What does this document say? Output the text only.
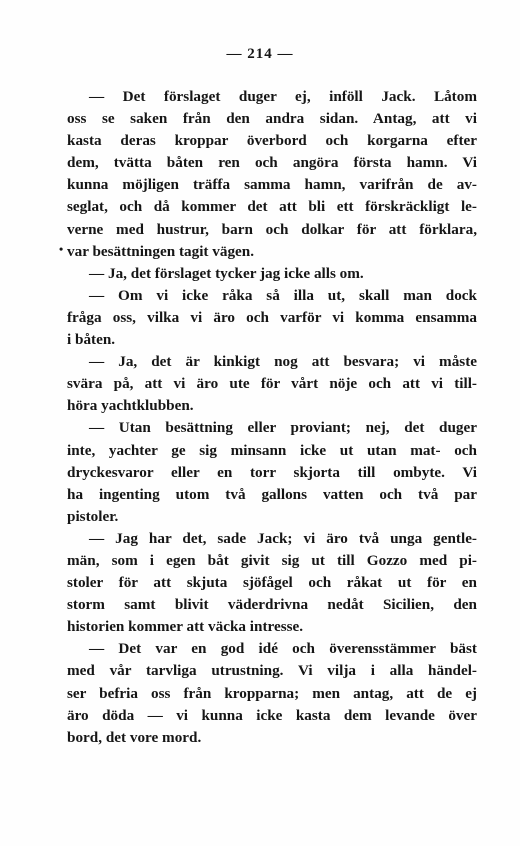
— 214 —
•
— Det förslaget duger ej, inföll Jack. Låtom
oss se saken från den andra sidan. Antag, att vi
kasta deras kroppar överbord och korgarna efter
dem, tvätta båten ren och angöra första hamn. Vi
kunna möjligen träffa samma hamn, varifrån de av-
seglat, och då kommer det att bli ett förskräckligt le-
verne med hustrur, barn och dolkar för att förklara,
var besättningen tagit vägen.
— Ja, det förslaget tycker jag icke alls om.
— Om vi icke råka så illa ut, skall man dock
fråga oss, vilka vi äro och varför vi komma ensamma
i båten.
— Ja, det är kinkigt nog att besvara; vi måste
svära på, att vi äro ute för vårt nöje och att vi till-
höra yachtklubben.
— Utan besättning eller proviant; nej, det duger
inte, yachter ge sig minsann icke ut utan mat- och
dryckesvaror eller en torr skjorta till ombyte. Vi
ha ingenting utom två gallons vatten och två par
pistoler.
— Jag har det, sade Jack; vi äro två unga gentle-
män, som i egen båt givit sig ut till Gozzo med pi-
stoler för att skjuta sjöfågel och råkat ut för en
storm samt blivit väderdrivna nedåt Sicilien, den
historien kommer att väcka intresse.
— Det var en god idé och överensstämmer bäst
med vår tarvliga utrustning. Vi vilja i alla händel-
ser befria oss från kropparna; men antag, att de ej
äro döda — vi kunna icke kasta dem levande över
bord, det vore mord.
